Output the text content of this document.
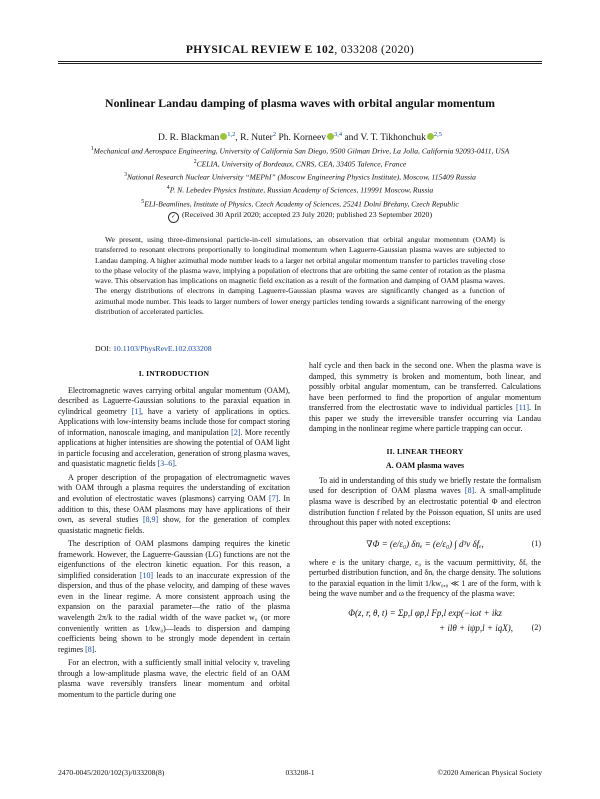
PHYSICAL REVIEW E 102, 033208 (2020)
Nonlinear Landau damping of plasma waves with orbital angular momentum
D. R. Blackman $^{1,2}$, R. Nuter$^2$ Ph. Korneev $^{3,4}$ and V. T. Tikhonchuk $^{2,5}$
$^1$Mechanical and Aerospace Engineering, University of California San Diego, 9500 Gilman Drive, La Jolla, California 92093-0411, USA
$^2$CELIA, University of Bordeaux, CNRS, CEA, 33405 Talence, France
$^3$National Research Nuclear University “MEPhI” (Moscow Engineering Physics Institute), Moscow, 115409 Russia
$^4$P. N. Lebedev Physics Institute, Russian Academy of Sciences, 119991 Moscow, Russia
$^5$ELI-Beamlines, Institute of Physics, Czech Academy of Sciences, 25241 Dolní Břežany, Czech Republic
✓ (Received 30 April 2020; accepted 23 July 2020; published 23 September 2020)

We present, using three-dimensional particle-in-cell simulations, an observation that orbital angular momentum (OAM) is transferred to resonant electrons proportionally to longitudinal momentum when Laguerre-Gaussian plasma waves are subjected to Landau damping. A higher azimuthal mode number leads to a larger net orbital angular momentum transfer to particles traveling close to the phase velocity of the plasma wave, implying a population of electrons that are orbiting the same center of rotation as the plasma wave. This observation has implications on magnetic field excitation as a result of the formation and damping of OAM plasma waves. The energy distributions of electrons in damping Laguerre-Gaussian plasma waves are significantly changed as a function of azimuthal mode number. This leads to larger numbers of lower energy particles tending towards a significant narrowing of the energy distribution of accelerated particles.

DOI: 10.1103/PhysRevE.102.033208
I. INTRODUCTION

Electromagnetic waves carrying orbital angular momentum (OAM), described as Laguerre-Gaussian solutions to the paraxial equation in cylindrical geometry [1], have a variety of applications in optics. Applications with low-intensity beams include those for compact storing of information, nanoscale imaging, and manipulation [2]. More recently applications at higher intensities are showing the potential of OAM light in particle focusing and acceleration, generation of strong plasma waves, and quasistatic magnetic fields [3–6].

A proper description of the propagation of electromagnetic waves with OAM through a plasma requires the understanding of excitation and evolution of electrostatic waves (plasmons) carrying OAM [7]. In addition to this, these OAM plasmons may have applications of their own, as several studies [8,9] show, for the generation of complex quasistatic magnetic fields.

The description of OAM plasmons damping requires the kinetic framework. However, the Laguerre-Gaussian (LG) functions are not the eigenfunctions of the electron kinetic equation. For this reason, a simplified consideration [10] leads to an inaccurate expression of the dispersion, and thus of the phase velocity, and damping of these waves even in the linear regime. A more consistent approach using the expansion on the paraxial parameter—the ratio of the plasma wavelength 2π/k to the radial width of the wave packet w₀ (or more conveniently written as 1/kw₀)—leads to dispersion and damping coefficients being shown to be strongly mode dependent in certain regimes [8].

For an electron, with a sufficiently small initial velocity v, traveling through a low-amplitude plasma wave, the electric field of an OAM plasma wave reversibly transfers linear momentum and orbital momentum to the particle during one

half cycle and then back in the second one. When the plasma wave is damped, this symmetry is broken and momentum, both linear, and possibly orbital angular momentum, can be transferred. Calculations have been performed to find the proportion of angular momentum transferred from the electrostatic wave to individual particles [11]. In this paper we study the irreversible transfer occurring via Landau damping in the nonlinear regime where particle trapping can occur.

II. LINEAR THEORY
A. OAM plasma waves

To aid in understanding of this study we briefly restate the formalism used for description of OAM plasma waves [8]. A small-amplitude plasma wave is described by an electrostatic potential Φ and electron distribution function f related by the Poisson equation, SI units are used throughout this paper with noted exceptions:

∇Φ = (e/ε₀) δnₑ = (e/ε₀) ∫ d³v δfₑ,	(1)

where e is the unitary charge, ε₀ is the vacuum permittivity, δfₑ the perturbed distribution function, and δnₑ the charge density. The solutions to the paraxial equation in the limit 1/kw₀,₀ ≪ 1 are of the form, with k being the wave number and ω the frequency of the plasma wave:

Φ(z, r, θ, t) = Σp,l φp,l Fp,l exp(−iωt + ikz
+ ilθ + iψp,l + iqX),	(2)
2470-0045/2020/102(3)/033208(8)	033208-1	©2020 American Physical Society
